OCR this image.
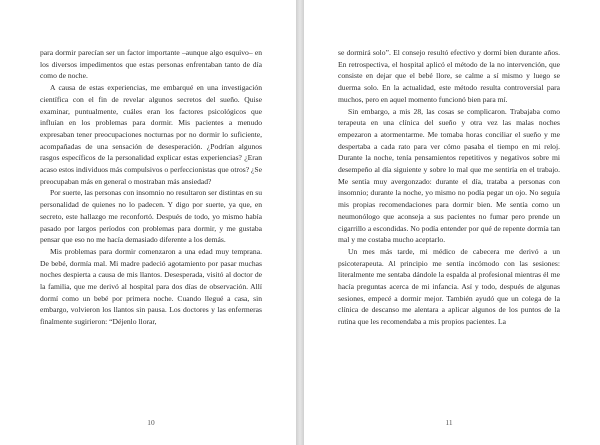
para dormir parecían ser un factor importante –aunque algo esquivo– en los diversos impedimentos que estas personas enfrentaban tanto de día como de noche.

A causa de estas experiencias, me embarqué en una investigación científica con el fin de revelar algunos secretos del sueño. Quise examinar, puntualmente, cuáles eran los factores psicológicos que influían en los problemas para dormir. Mis pacientes a menudo expresaban tener preocupaciones nocturnas por no dormir lo suficiente, acompañadas de una sensación de desesperación. ¿Podrían algunos rasgos específicos de la personalidad explicar estas experiencias? ¿Eran acaso estos individuos más compulsivos o perfeccionistas que otros? ¿Se preocupaban más en general o mostraban más ansiedad?

Por suerte, las personas con insomnio no resultaron ser distintas en su personalidad de quienes no lo padecen. Y digo por suerte, ya que, en secreto, este hallazgo me reconfortó. Después de todo, yo mismo había pasado por largos períodos con problemas para dormir, y me gustaba pensar que eso no me hacía demasiado diferente a los demás.

Mis problemas para dormir comenzaron a una edad muy temprana. De bebé, dormía mal. Mi madre padeció agotamiento por pasar muchas noches despierta a causa de mis llantos. Desesperada, visitó al doctor de la familia, que me derivó al hospital para dos días de observación. Allí dormí como un bebé por primera noche. Cuando llegué a casa, sin embargo, volvieron los llantos sin pausa. Los doctores y las enfermeras finalmente sugirieron: “Déjenlo llorar,

10

se dormirá solo”. El consejo resultó efectivo y dormí bien durante años. En retrospectiva, el hospital aplicó el método de la no intervención, que consiste en dejar que el bebé llore, se calme a sí mismo y luego se duerma solo. En la actualidad, este método resulta controversial para muchos, pero en aquel momento funcionó bien para mí.

Sin embargo, a mis 28, las cosas se complicaron. Trabajaba como terapeuta en una clínica del sueño y otra vez las malas noches empezaron a atormentarme. Me tomaba horas conciliar el sueño y me despertaba a cada rato para ver cómo pasaba el tiempo en mi reloj. Durante la noche, tenía pensamientos repetitivos y negativos sobre mi desempeño al día siguiente y sobre lo mal que me sentiría en el trabajo. Me sentía muy avergonzado: durante el día, trataba a personas con insomnio; durante la noche, yo mismo no podía pegar un ojo. No seguía mis propias recomendaciones para dormir bien. Me sentía como un neumonólogo que aconseja a sus pacientes no fumar pero prende un cigarrillo a escondidas. No podía entender por qué de repente dormía tan mal y me costaba mucho aceptarlo.

Un mes más tarde, mi médico de cabecera me derivó a un psicoterapeuta. Al principio me sentía incómodo con las sesiones: literalmente me sentaba dándole la espalda al profesional mientras él me hacía preguntas acerca de mi infancia. Así y todo, después de algunas sesiones, empecé a dormir mejor. También ayudó que un colega de la clínica de descanso me alentara a aplicar algunos de los puntos de la rutina que les recomendaba a mis propios pacientes. La

11
